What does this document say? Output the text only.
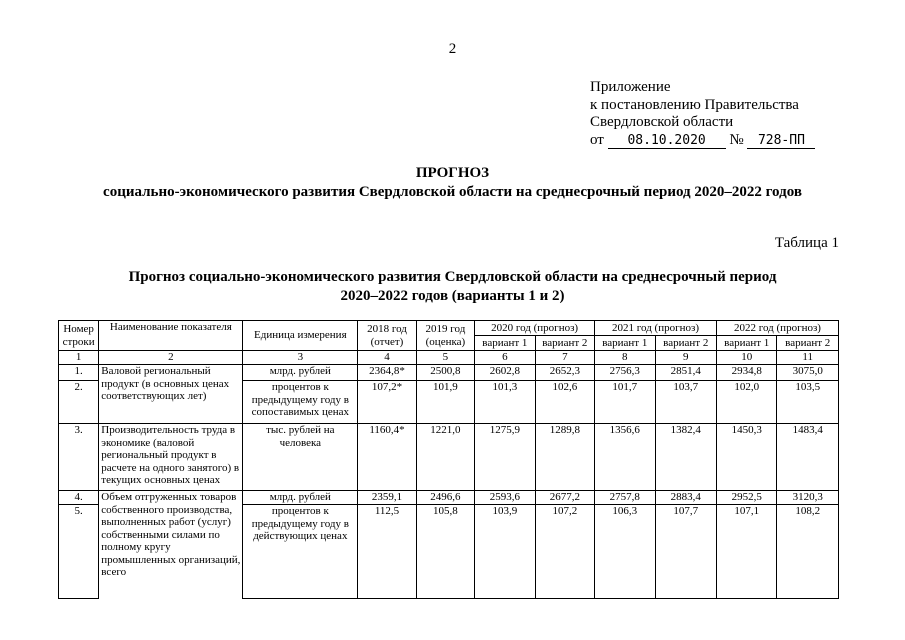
2
Приложение
к постановлению Правительства
Свердловской области
от 08.10.2020 № 728-ПП
ПРОГНОЗ
социально-экономического развития Свердловской области на среднесрочный период 2020–2022 годов
Таблица 1
Прогноз социально-экономического развития Свердловской области на среднесрочный период
2020–2022 годов (варианты 1 и 2)
Номер строки	Наименование показателя	Единица измерения	2018 год (отчет)	2019 год (оценка)	2020 год (прогноз)		2021 год (прогноз)		2022 год (прогноз)	
					вариант 1	вариант 2	вариант 1	вариант 2	вариант 1	вариант 2
1	2	3	4	5	6	7	8	9	10	11
1.	Валовой региональный продукт (в основных ценах соответствующих лет)	млрд. рублей	2364,8*	2500,8	2602,8	2652,3	2756,3	2851,4	2934,8	3075,0
2.		процентов к предыдущему году в сопоставимых ценах	107,2*	101,9	101,3	102,6	101,7	103,7	102,0	103,5
3.	Производительность труда в экономике (валовой региональный продукт в расчете на одного занятого) в текущих основных ценах	тыс. рублей на человека	1160,4*	1221,0	1275,9	1289,8	1356,6	1382,4	1450,3	1483,4
4.	Объем отгруженных товаров собственного производства, выполненных работ (услуг) собственными силами по полному кругу промышленных организаций, всего	млрд. рублей	2359,1	2496,6	2593,6	2677,2	2757,8	2883,4	2952,5	3120,3
5.		процентов к предыдущему году в действующих ценах	112,5	105,8	103,9	107,2	106,3	107,7	107,1	108,2
